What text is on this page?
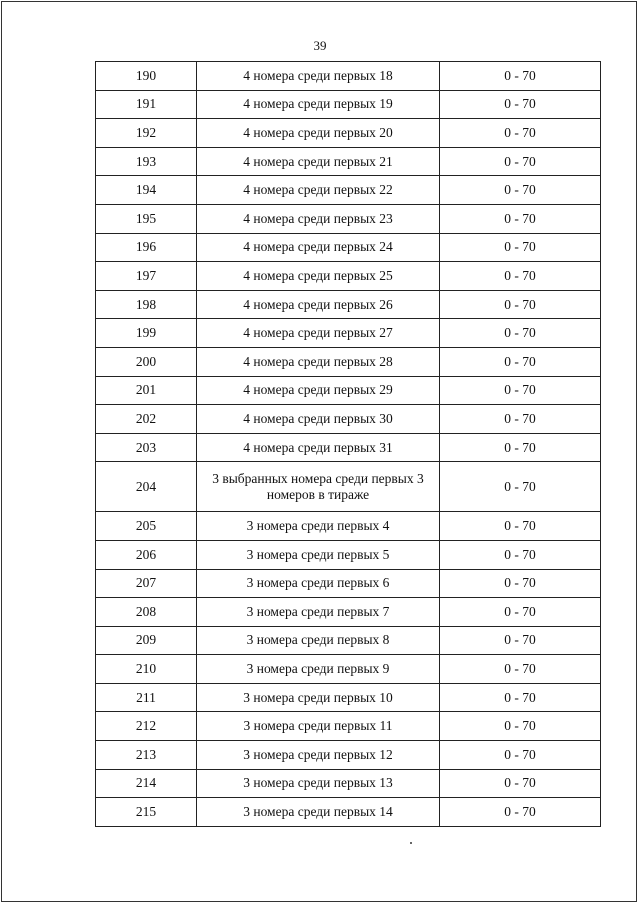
39
190	4 номера среди первых 18	0 - 70
191	4 номера среди первых 19	0 - 70
192	4 номера среди первых 20	0 - 70
193	4 номера среди первых 21	0 - 70
194	4 номера среди первых 22	0 - 70
195	4 номера среди первых 23	0 - 70
196	4 номера среди первых 24	0 - 70
197	4 номера среди первых 25	0 - 70
198	4 номера среди первых 26	0 - 70
199	4 номера среди первых 27	0 - 70
200	4 номера среди первых 28	0 - 70
201	4 номера среди первых 29	0 - 70
202	4 номера среди первых 30	0 - 70
203	4 номера среди первых 31	0 - 70
204	3 выбранных номера среди первых 3 номеров в тираже	0 - 70
205	3 номера среди первых 4	0 - 70
206	3 номера среди первых 5	0 - 70
207	3 номера среди первых 6	0 - 70
208	3 номера среди первых 7	0 - 70
209	3 номера среди первых 8	0 - 70
210	3 номера среди первых 9	0 - 70
211	3 номера среди первых 10	0 - 70
212	3 номера среди первых 11	0 - 70
213	3 номера среди первых 12	0 - 70
214	3 номера среди первых 13	0 - 70
215	3 номера среди первых 14	0 - 70
